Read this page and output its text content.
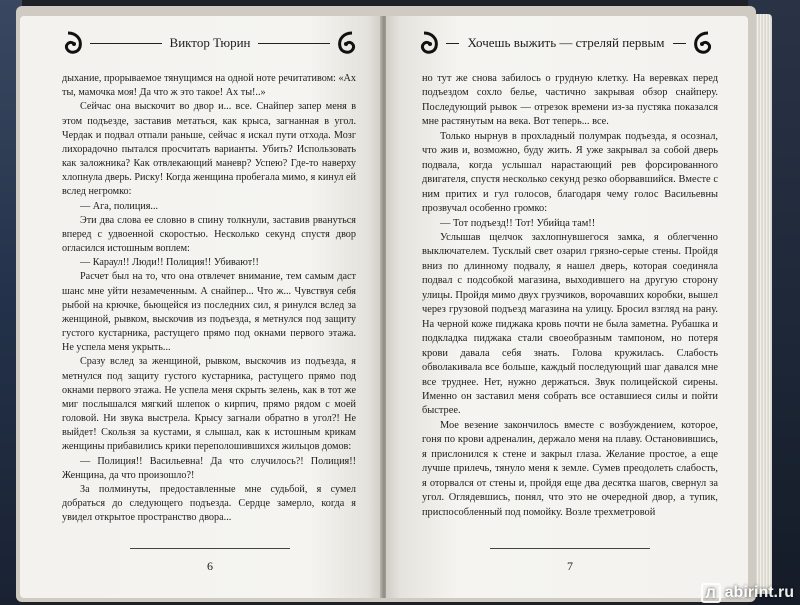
Виктор Тюрин

дыхание, прорываемое тянущимся на одной ноте речитативом: «Ах ты, мамочка моя! Да что ж это такое! Ах ты!..»

Сейчас она выскочит во двор и... все. Снайпер запер меня в этом подъезде, заставив метаться, как крыса, загнанная в угол. Чердак и подвал отпали раньше, сейчас я искал пути отхода. Мозг лихорадочно пытался просчитать варианты. Убить? Использовать как заложника? Как отвлекающий маневр? Успею? Где-то наверху хлопнула дверь. Риску! Когда женщина пробегала мимо, я кинул ей вслед негромко:

— Ага, полиция...

Эти два слова ее словно в спину толкнули, заставив рвануться вперед с удвоенной скоростью. Несколько секунд спустя двор огласился истошным воплем:

— Караул!! Люди!! Полиция!! Убивают!!

Расчет был на то, что она отвлечет внимание, тем самым даст шанс мне уйти незамеченным. А снайпер... Что ж... Чувствуя себя рыбой на крючке, бьющейся из последних сил, я ринулся вслед за женщиной, рывком, выскочив из подъезда, я метнулся под защиту густого кустарника, растущего прямо под окнами первого этажа. Не успела меня укрыть...

Сразу вслед за женщиной, рывком, выскочив из подъезда, я метнулся под защиту густого кустарника, растущего прямо под окнами первого этажа. Не успела меня скрыть зелень, как в тот же миг послышался мягкий шлепок о кирпич, прямо рядом с моей головой. Ни звука выстрела. Крысу загнали обратно в угол?! Не выйдет! Скользя за кустами, я слышал, как к истошным крикам женщины прибавились крики переполошившихся жильцов домов:

— Полиция!! Васильевна! Да что случилось?! Полиция!! Женщина, да что произошло?!

За полминуты, предоставленные мне судьбой, я сумел добраться до следующего подъезда. Сердце замерло, когда я увидел открытое пространство двора...

6
Хочешь выжить — стреляй первым

но тут же снова забилось о грудную клетку. На веревках перед подъездом сохло белье, частично закрывая обзор снайперу. Последующий рывок — отрезок времени из-за пустяка показался мне растянутым на века. Вот теперь... все.

Только нырнув в прохладный полумрак подъезда, я осознал, что жив и, возможно, буду жить. Я уже закрывал за собой дверь подвала, когда услышал нарастающий рев форсированного двигателя, спустя несколько секунд резко оборвавшийся. Вместе с ним притих и гул голосов, благодаря чему голос Васильевны прозвучал особенно громко:

— Тот подъезд!! Тот! Убийца там!!

Услышав щелчок захлопнувшегося замка, я облегченно выключателем. Тусклый свет озарил грязно-серые стены. Пройдя вниз по длинному подвалу, я нашел дверь, которая соединяла подвал с подсобкой магазина, выходившего на другую сторону улицы. Пройдя мимо двух грузчиков, ворочавших коробки, вышел через грузовой подъезд магазина на улицу. Бросил взгляд на рану. На черной коже пиджака кровь почти не была заметна. Рубашка и подкладка пиджака стали своеобразным тампоном, но потеря крови давала себя знать. Голова кружилась. Слабость обволакивала все больше, каждый последующий шаг давался мне все труднее. Нет, нужно держаться. Звук полицейской сирены. Именно он заставил меня собрать все оставшиеся силы и пойти быстрее.

Мое везение закончилось вместе с возбуждением, которое, гоня по крови адреналин, держало меня на плаву. Остановившись, я прислонился к стене и закрыл глаза. Желание простое, а еще лучше прилечь, тянуло меня к земле. Сумев преодолеть слабость, я оторвался от стены и, пройдя еще два десятка шагов, свернул за угол. Оглядевшись, понял, что это не очередной двор, а тупик, приспособленный под помойку. Возле трехметровой

7
Л abirint.ru
